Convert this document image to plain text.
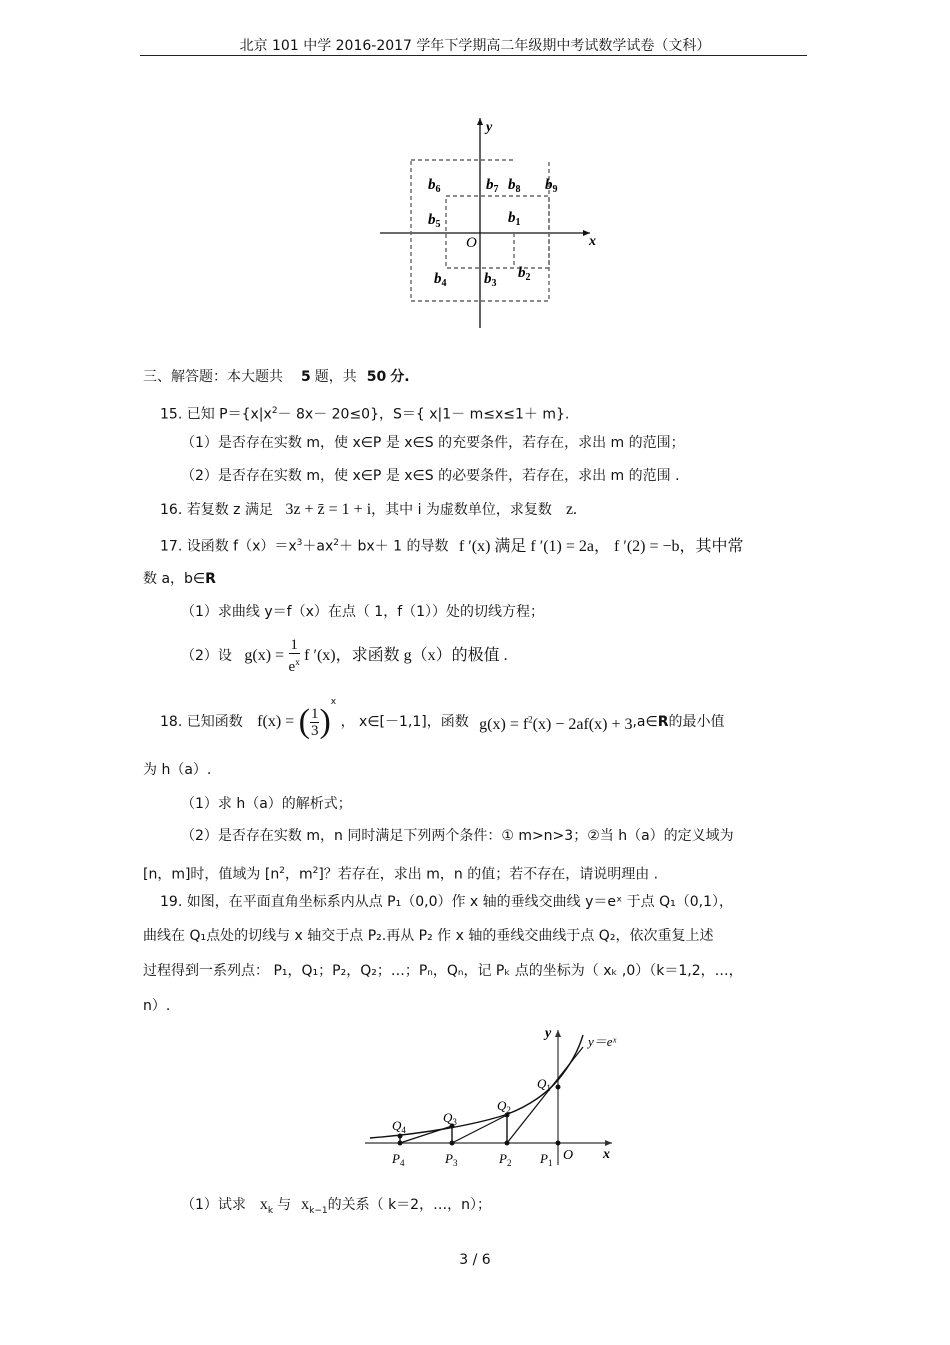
北京 101 中学 2016-2017 学年下学期高二年级期中考试数学试卷（文科）
x
y
O
$b_6$	$b_7$ $b_8$ $b_9$
$b_5$	$b_1$
$b_4$	$b_3$
$b_2$
三、解答题：本大题共 5 题，共 50 分.
15. 已知 $P=\{x|x^2- 8x- 20\le 0\}$，S＝{ x|1－ m≤x≤1＋ m}.
（1）是否存在实数 m，使 x∈P 是 x∈S 的充要条件，若存在，求出 m 的范围；
（2）是否存在实数 m，使 x∈P 是 x∈S 的必要条件，若存在，求出 m 的范围 .
16. 若复数 z 满足 3z + z̄ = 1 + i，其中 i 为虚数单位，求复数 z.
17. 设函数 $f(x)=x^3+ax^2+ bx+ 1$ 的导数 f ′(x) 满足 f ′(1) = 2a， f ′(2) = −b，其中常
数 a，b∈R
（1）求曲线 y＝f（x）在点（ 1，f（1））处的切线方程；
（2）设 $g(x) = \frac{1}{e^x}$ f ′(x)，求函数 g（x）的极值 .
18. 已知函数 f(x) = ( $\frac{1}{3} )^x$ ， x∈[－1,1]，函数 $g(x) = f^2(x) - 2af(x)$ + 3,a∈R的最小值
为 h（a）.
（1）求 h（a）的解析式；
（2）是否存在实数 m，n 同时满足下列两个条件：① m>n>3；②当 h（a）的定义域为
[n，m]时，值域为 [$n^2$，$m^2$]？若存在，求出 m，n 的值；若不存在，请说明理由 .
19. 如图，在平面直角坐标系内从点 P₁（0,0）作 x 轴的垂线交曲线 y＝eˣ 于点 Q₁（0,1），
曲线在 Q₁点处的切线与 x 轴交于点 P₂.再从 P₂ 作 x 轴的垂线交曲线于点 Q₂，依次重复上述
过程得到一系列点： P₁，Q₁；P₂，Q₂；…；Pₙ，Qₙ，记 Pₖ 点的坐标为（ xₖ ,0）（k＝1,2，…，
n）.
y
x
O
y＝eˣ
$Q_4$
$Q_3$
$Q_2$
$Q_1$
$P_4$	$P_3$	$P_2$ $P_1$
（1）试求 $x_k$ 与 $x_{k-1}$的关系（ k＝2，…，n）；
3 / 6
